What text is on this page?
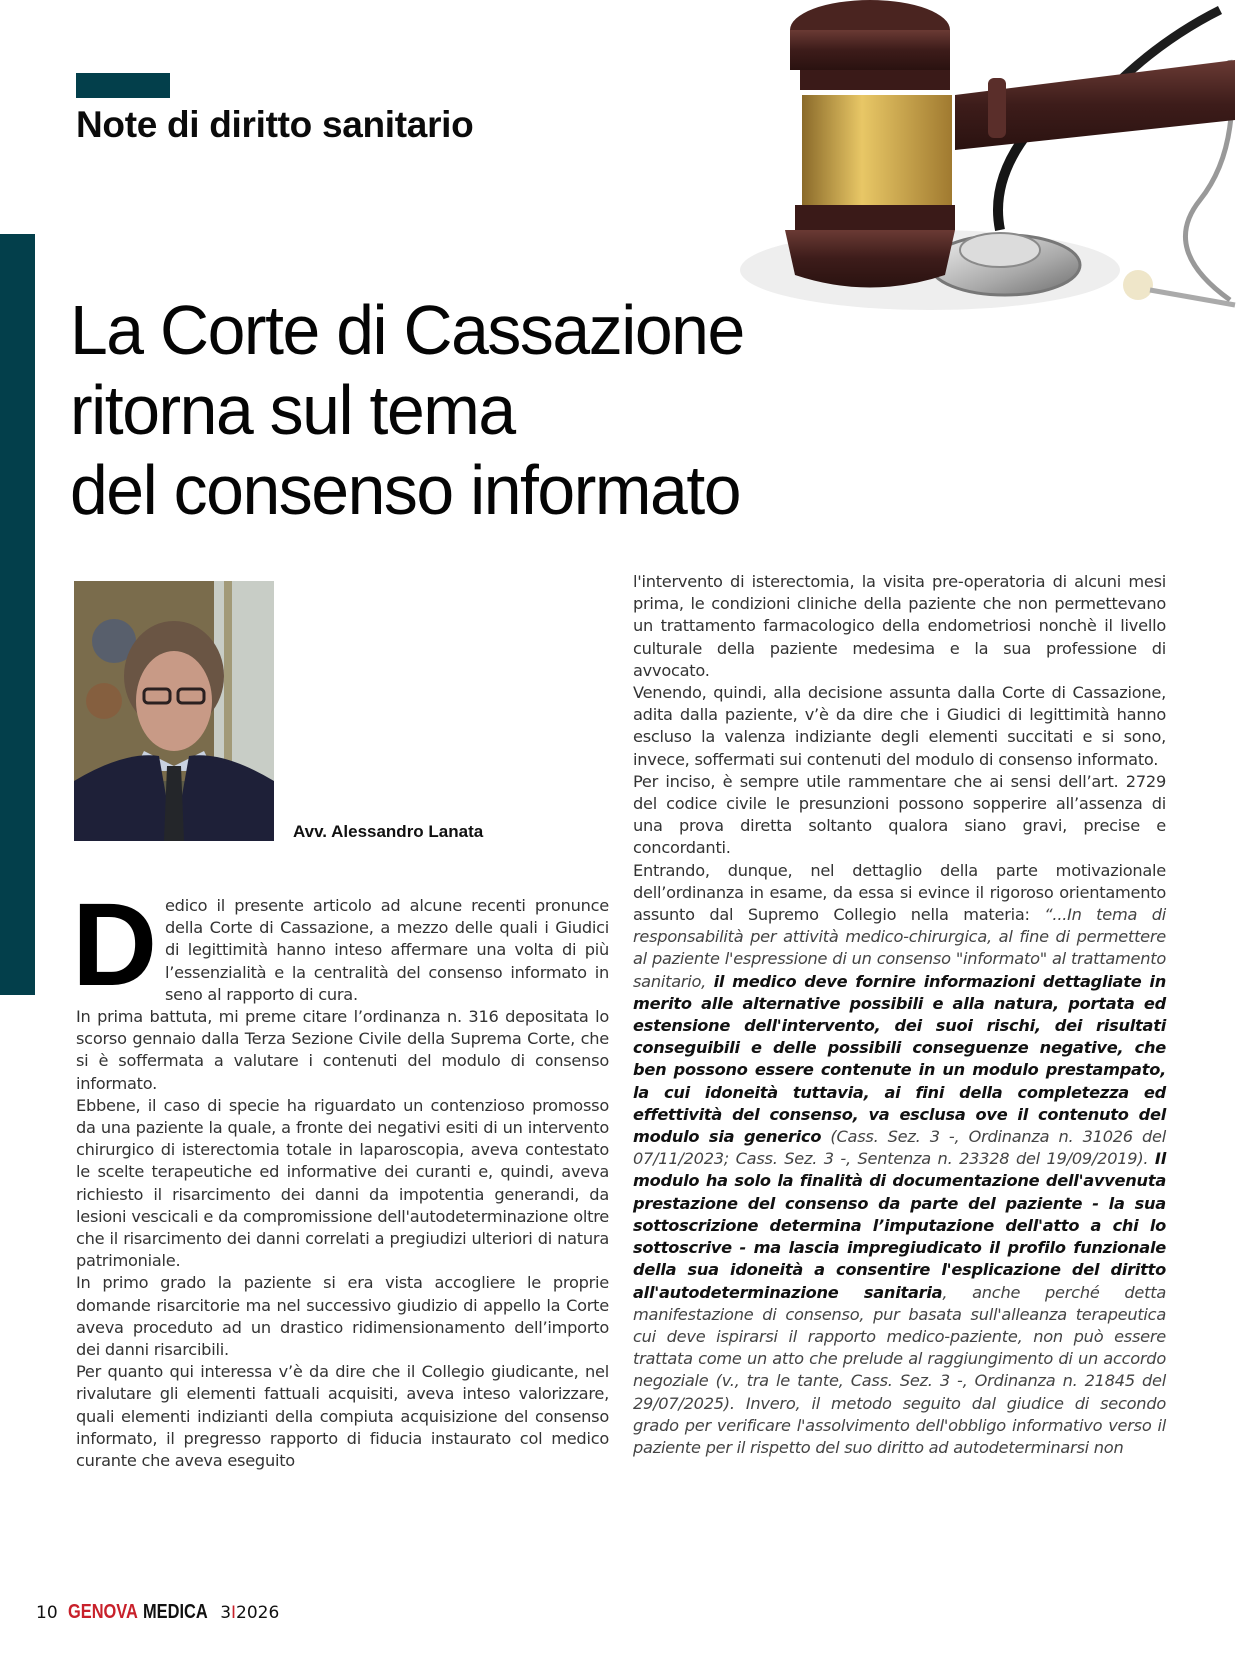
Note di diritto sanitario
La Corte di Cassazione
ritorna sul tema
del consenso informato
Avv. Alessandro Lanata

Dedico il presente articolo ad alcune recenti pronunce della Corte di Cassazione, a mezzo delle quali i Giudici di legittimità hanno inteso affermare una volta di più l’essenzialità e la centralità del consenso informato in seno al rapporto di cura.

In prima battuta, mi preme citare l’ordinanza n. 316 depositata lo scorso gennaio dalla Terza Sezione Civile della Suprema Corte, che si è soffermata a valutare i contenuti del modulo di consenso informato.

Ebbene, il caso di specie ha riguardato un contenzioso promosso da una paziente la quale, a fronte dei negativi esiti di un intervento chirurgico di isterectomia totale in laparoscopia, aveva contestato le scelte terapeutiche ed informative dei curanti e, quindi, aveva richiesto il risarcimento dei danni da impotentia generandi, da lesioni vescicali e da compromissione dell'autodeterminazione oltre che il risarcimento dei danni correlati a pregiudizi ulteriori di natura patrimoniale.

In primo grado la paziente si era vista accogliere le proprie domande risarcitorie ma nel successivo giudizio di appello la Corte aveva proceduto ad un drastico ridimensionamento dell’importo dei danni risarcibili.

Per quanto qui interessa v’è da dire che il Collegio giudicante, nel rivalutare gli elementi fattuali acquisiti, aveva inteso valorizzare, quali elementi indizianti della compiuta acquisizione del consenso informato, il pregresso rapporto di fiducia instaurato col medico curante che aveva eseguito

l'intervento di isterectomia, la visita pre-operatoria di alcuni mesi prima, le condizioni cliniche della paziente che non permettevano un trattamento farmacologico della endometriosi nonchè il livello culturale della paziente medesima e la sua professione di avvocato.

Venendo, quindi, alla decisione assunta dalla Corte di Cassazione, adita dalla paziente, v’è da dire che i Giudici di legittimità hanno escluso la valenza indiziante degli elementi succitati e si sono, invece, soffermati sui contenuti del modulo di consenso informato.

Per inciso, è sempre utile rammentare che ai sensi dell’art. 2729 del codice civile le presunzioni possono sopperire all’assenza di una prova diretta soltanto qualora siano gravi, precise e concordanti.

Entrando, dunque, nel dettaglio della parte motivazionale dell’ordinanza in esame, da essa si evince il rigoroso orientamento assunto dal Supremo Collegio nella materia: “...In tema di responsabilità per attività medico-chirurgica, al fine di permettere al paziente l'espressione di un consenso "informato" al trattamento sanitario, il medico deve fornire informazioni dettagliate in merito alle alternative possibili e alla natura, portata ed estensione dell'intervento, dei suoi rischi, dei risultati conseguibili e delle possibili conseguenze negative, che ben possono essere contenute in un modulo prestampato, la cui idoneità tuttavia, ai fini della completezza ed effettività del consenso, va esclusa ove il contenuto del modulo sia generico (Cass. Sez. 3 -, Ordinanza n. 31026 del 07/11/2023; Cass. Sez. 3 -, Sentenza n. 23328 del 19/09/2019). Il modulo ha solo la finalità di documentazione dell'avvenuta prestazione del consenso da parte del paziente - la sua sottoscrizione determina l’imputazione dell'atto a chi lo sottoscrive - ma lascia impregiudicato il profilo funzionale della sua idoneità a consentire l'esplicazione del diritto all'autodeterminazione sanitaria, anche perché detta manifestazione di consenso, pur basata sull'alleanza terapeutica cui deve ispirarsi il rapporto medico-paziente, non può essere trattata come un atto che prelude al raggiungimento di un accordo negoziale (v., tra le tante, Cass. Sez. 3 -, Ordinanza n. 21845 del 29/07/2025). Invero, il metodo seguito dal giudice di secondo grado per verificare l'assolvimento dell'obbligo informativo verso il paziente per il rispetto del suo diritto ad autodeterminarsi non

10 GENOVA MEDICA 3I2026
